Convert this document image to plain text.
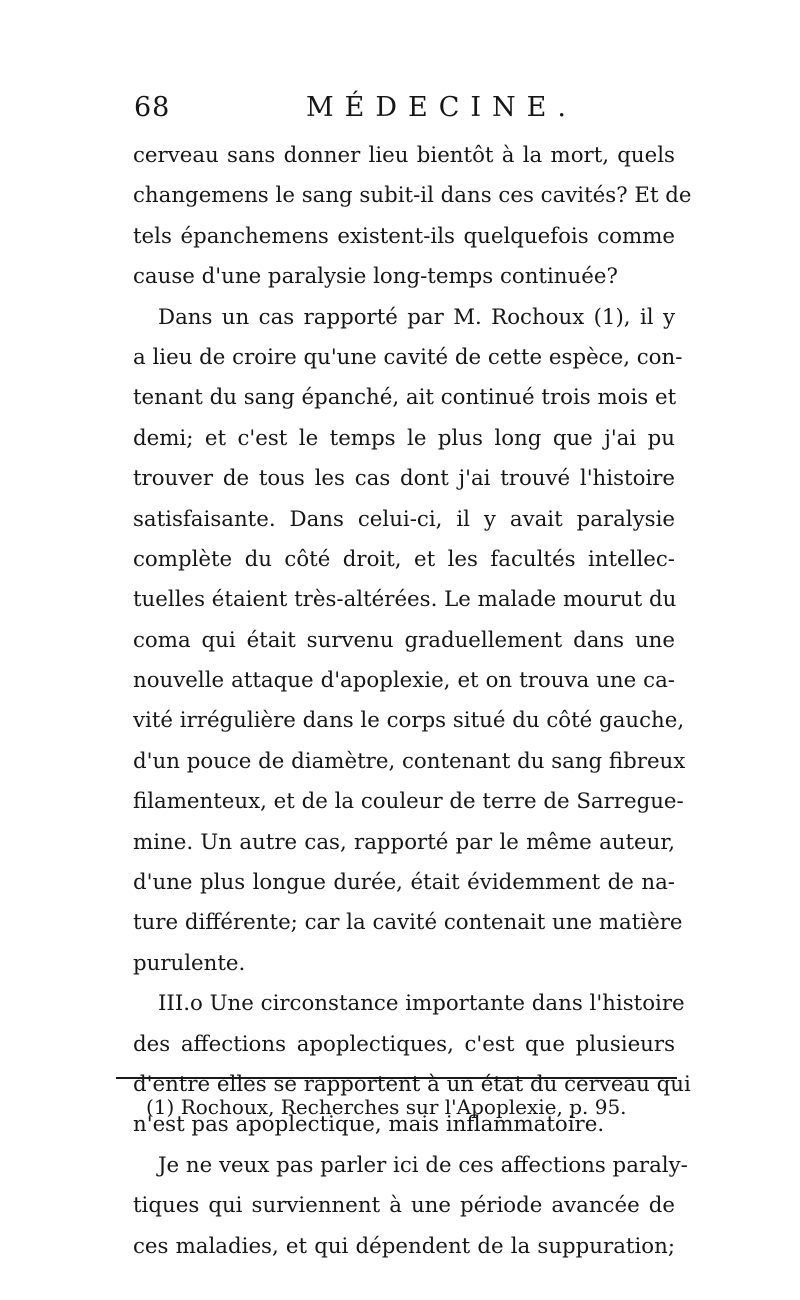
68	MÉDECINE.
cerveau sans donner lieu bientôt à la mort, quels
changemens le sang subit-il dans ces cavités? Et de
tels épanchemens existent-ils quelquefois comme
cause d'une paralysie long-temps continuée?
Dans un cas rapporté par M. Rochoux (1), il y
a lieu de croire qu'une cavité de cette espèce, con-
tenant du sang épanché, ait continué trois mois et
demi; et c'est le temps le plus long que j'ai pu
trouver de tous les cas dont j'ai trouvé l'histoire
satisfaisante. Dans celui-ci, il y avait paralysie
complète du côté droit, et les facultés intellec-
tuelles étaient très-altérées. Le malade mourut du
coma qui était survenu graduellement dans une
nouvelle attaque d'apoplexie, et on trouva une ca-
vité irrégulière dans le corps situé du côté gauche,
d'un pouce de diamètre, contenant du sang fibreux
filamenteux, et de la couleur de terre de Sarregue-
mine. Un autre cas, rapporté par le même auteur,
d'une plus longue durée, était évidemment de na-
ture différente; car la cavité contenait une matière
purulente.
III.o Une circonstance importante dans l'histoire
des affections apoplectiques, c'est que plusieurs
d'entre elles se rapportent à un état du cerveau qui
n'est pas apoplectique, mais inflammatoire.
Je ne veux pas parler ici de ces affections paraly-
tiques qui surviennent à une période avancée de
ces maladies, et qui dépendent de la suppuration;
(1) Rochoux, Recherches sur l'Apoplexie, p. 95.
